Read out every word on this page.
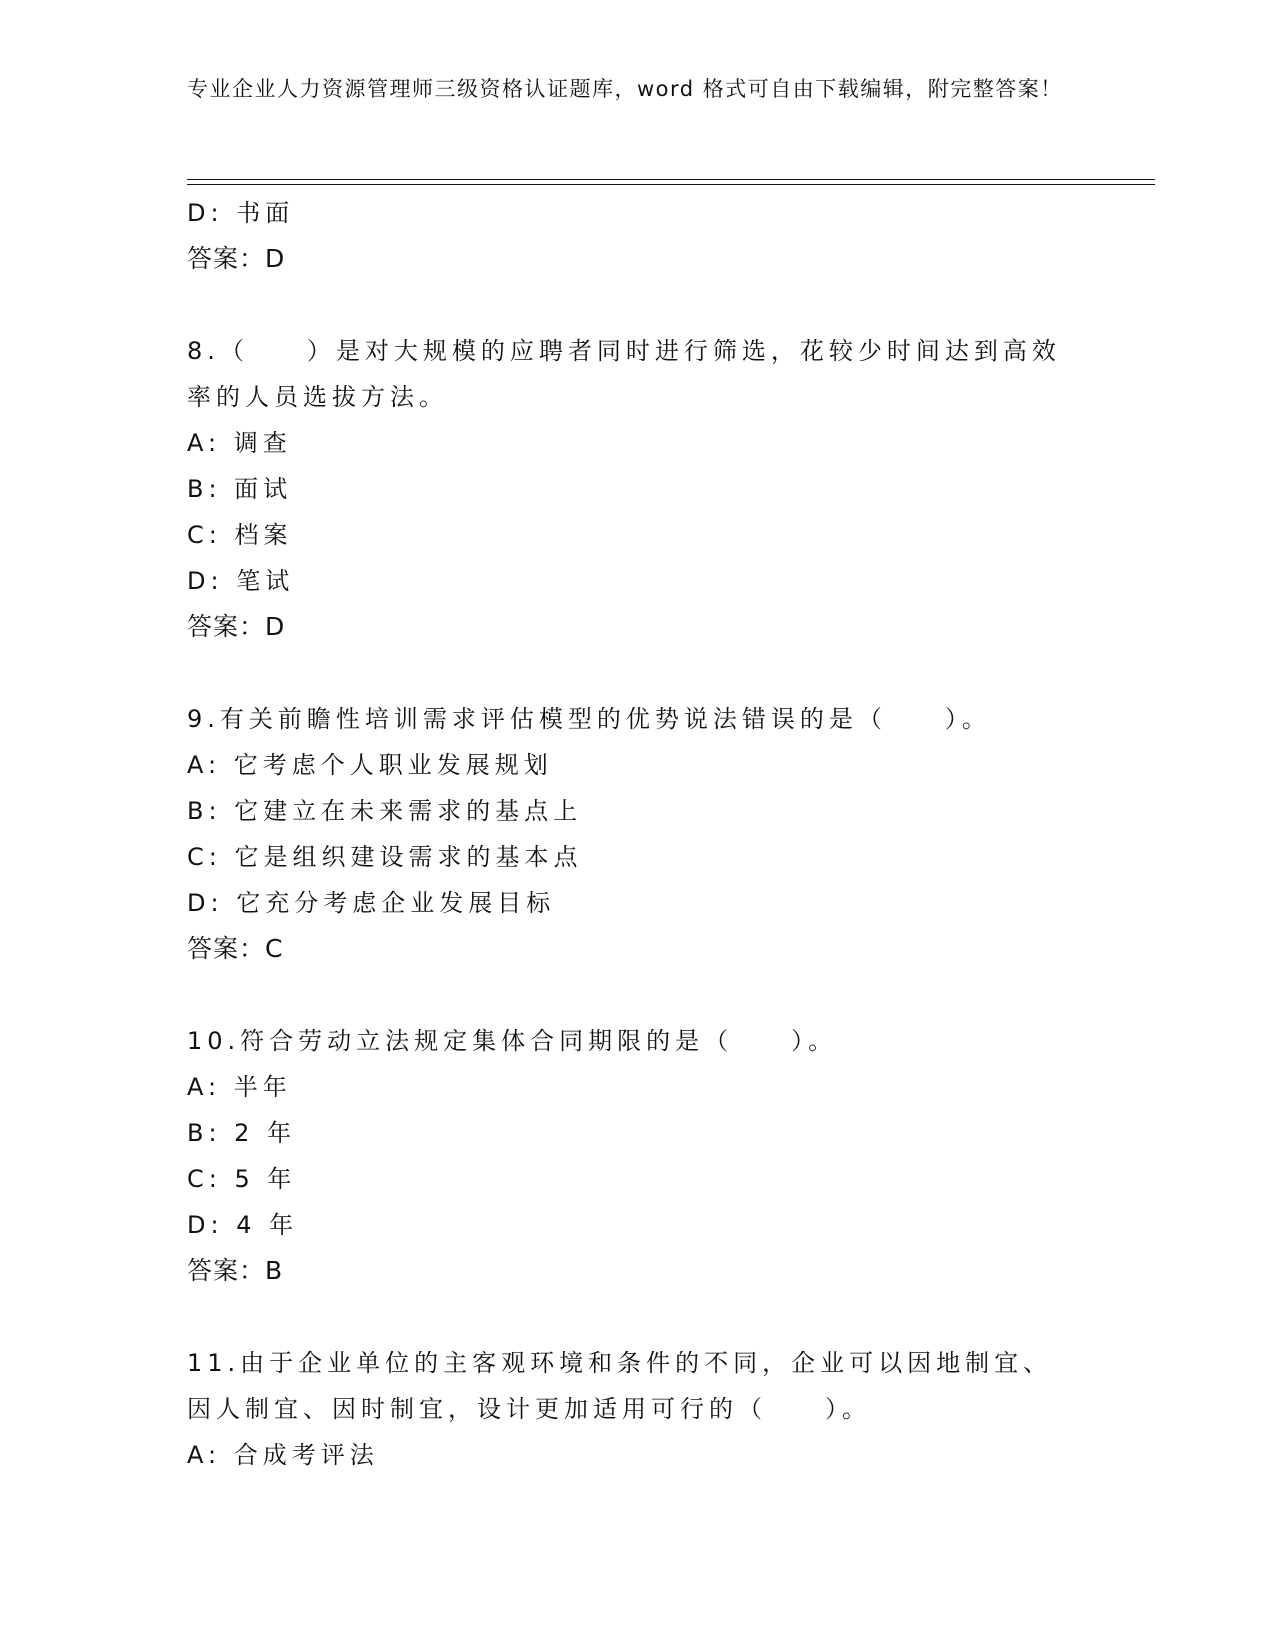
专业企业人力资源管理师三级资格认证题库，word 格式可自由下载编辑，附完整答案！

D: 书面

答案：D

8.（　　）是对大规模的应聘者同时进行筛选，花较少时间达到高效率的人员选拔方法。

A: 调查

B: 面试

C: 档案

D: 笔试

答案：D

9.有关前瞻性培训需求评估模型的优势说法错误的是（　　）。

A: 它考虑个人职业发展规划

B: 它建立在未来需求的基点上

C: 它是组织建设需求的基本点

D: 它充分考虑企业发展目标

答案：C

10.符合劳动立法规定集体合同期限的是（　　）。

A: 半年

B: 2 年

C: 5 年

D: 4 年

答案：B

11.由于企业单位的主客观环境和条件的不同，企业可以因地制宜、因人制宜、因时制宜，设计更加适用可行的（　　）。

A: 合成考评法
